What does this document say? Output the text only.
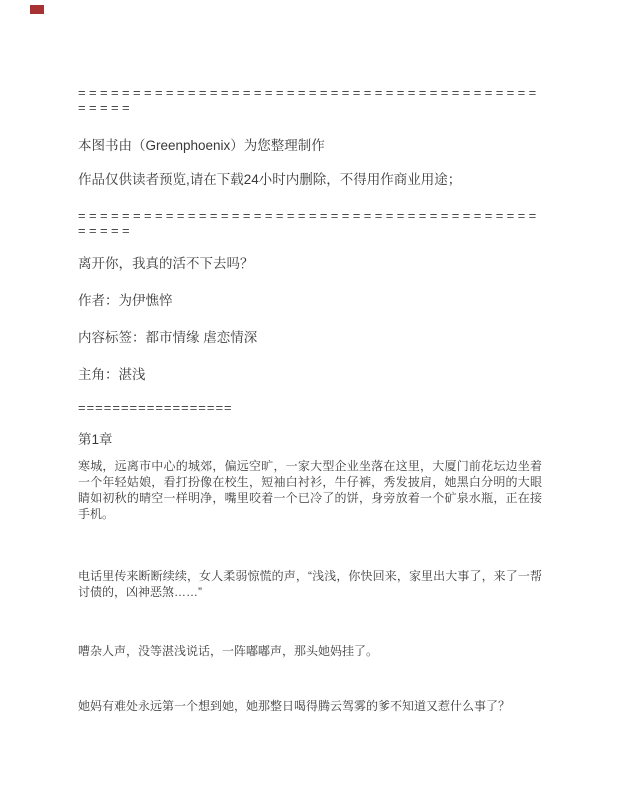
==========================================
=====

本图书由（Greenphoenix）为您整理制作

作品仅供读者预览,请在下载24小时内删除，不得用作商业用途；

==========================================
=====

离开你，我真的活不下去吗？

作者：为伊憔悴

内容标签：都市情缘 虐恋情深

主角：湛浅

==================

第1章

寒城，远离市中心的城郊，偏远空旷，一家大型企业坐落在这里，大厦门前花坛边坐着一个年轻姑娘，看打扮像在校生，短袖白衬衫，牛仔裤，秀发披肩，她黑白分明的大眼睛如初秋的晴空一样明净，嘴里咬着一个已冷了的饼，身旁放着一个矿泉水瓶，正在接手机。

电话里传来断断续续，女人柔弱惊慌的声，“浅浅，你快回来，家里出大事了，来了一帮讨债的，凶神恶煞……”

嘈杂人声，没等湛浅说话，一阵嘟嘟声，那头她妈挂了。

她妈有难处永远第一个想到她，她那整日喝得腾云驾雾的爹不知道又惹什么事了？
